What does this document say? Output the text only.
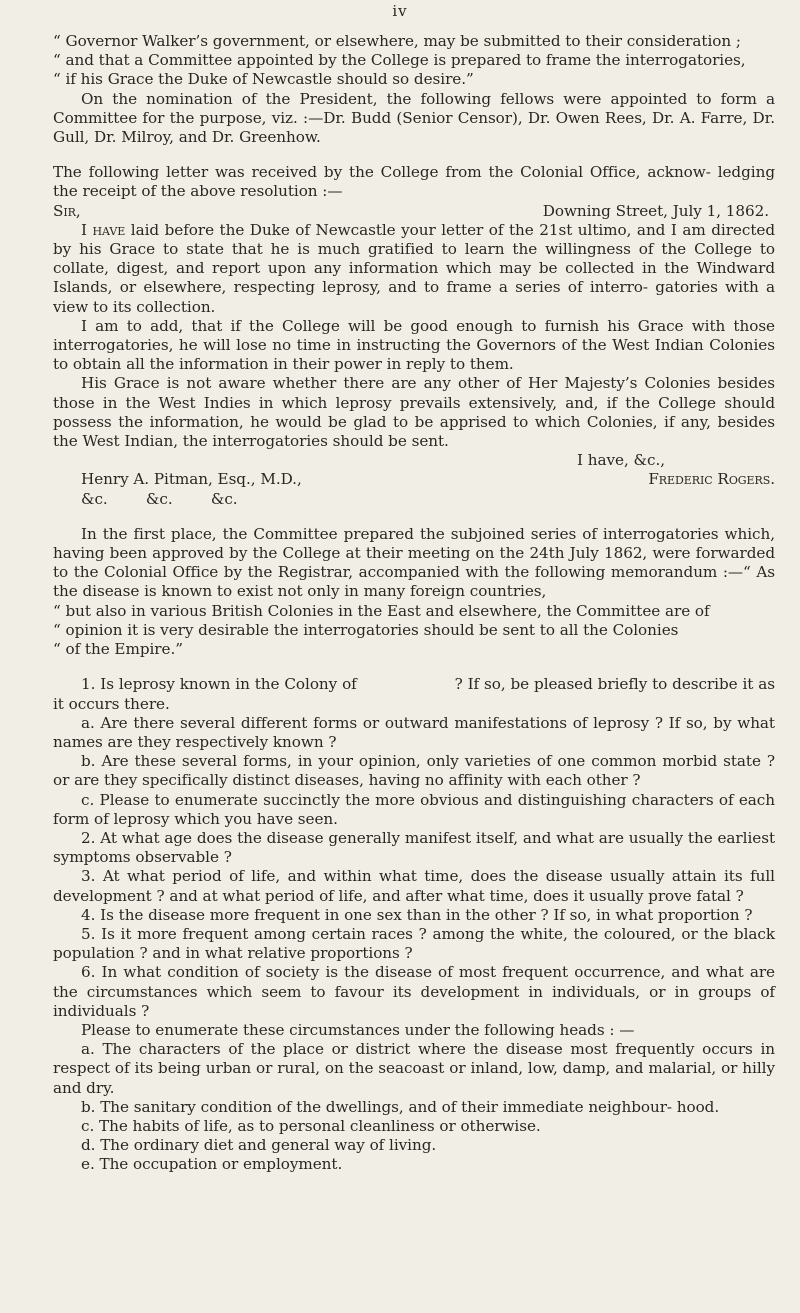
iv

“ Governor Walker’s government, or elsewhere, may be submitted to their consideration ;

“ and that a Committee appointed by the College is prepared to frame the interrogatories,

“ if his Grace the Duke of Newcastle should so desire.”

On the nomination of the President, the following fellows were appointed to form a Committee for the purpose, viz. :—Dr. Budd (Senior Censor), Dr. Owen Rees, Dr. A. Farre, Dr. Gull, Dr. Milroy, and Dr. Greenhow.

The following letter was received by the College from the Colonial Office, acknow- ledging the receipt of the above resolution :—

Sir,	Downing Street, July 1, 1862.

I have laid before the Duke of Newcastle your letter of the 21st ultimo, and I am directed by his Grace to state that he is much gratified to learn the willingness of the College to collate, digest, and report upon any information which may be collected in the Windward Islands, or elsewhere, respecting leprosy, and to frame a series of interro- gatories with a view to its collection.

I am to add, that if the College will be good enough to furnish his Grace with those interrogatories, he will lose no time in instructing the Governors of the West Indian Colonies to obtain all the information in their power in reply to them.

His Grace is not aware whether there are any other of Her Majesty’s Colonies besides those in the West Indies in which leprosy prevails extensively, and, if the College should possess the information, he would be glad to be apprised to which Colonies, if any, besides the West Indian, the interrogatories should be sent.

I have, &c.,

Henry A. Pitman, Esq., M.D.,	Frederic Rogers.

&c.        &c.        &c.

In the first place, the Committee prepared the subjoined series of interrogatories which, having been approved by the College at their meeting on the 24th July 1862, were forwarded to the Colonial Office by the Registrar, accompanied with the following memorandum :—“ As the disease is known to exist not only in many foreign countries,

“ but also in various British Colonies in the East and elsewhere, the Committee are of

“ opinion it is very desirable the interrogatories should be sent to all the Colonies

“ of the Empire.”

1. Is leprosy known in the Colony of                    ? If so, be pleased briefly to describe it as it occurs there.

a. Are there several different forms or outward manifestations of leprosy ? If so, by what names are they respectively known ?

b. Are these several forms, in your opinion, only varieties of one common morbid state ? or are they specifically distinct diseases, having no affinity with each other ?

c. Please to enumerate succinctly the more obvious and distinguishing characters of each form of leprosy which you have seen.

2. At what age does the disease generally manifest itself, and what are usually the earliest symptoms observable ?

3. At what period of life, and within what time, does the disease usually attain its full development ? and at what period of life, and after what time, does it usually prove fatal ?

4. Is the disease more frequent in one sex than in the other ? If so, in what proportion ?

5. Is it more frequent among certain races ? among the white, the coloured, or the black population ? and in what relative proportions ?

6. In what condition of society is the disease of most frequent occurrence, and what are the circumstances which seem to favour its development in individuals, or in groups of individuals ?

Please to enumerate these circumstances under the following heads : —

a. The characters of the place or district where the disease most frequently occurs in respect of its being urban or rural, on the seacoast or inland, low, damp, and malarial, or hilly and dry.

b. The sanitary condition of the dwellings, and of their immediate neighbour- hood.

c. The habits of life, as to personal cleanliness or otherwise.

d. The ordinary diet and general way of living.

e. The occupation or employment.
